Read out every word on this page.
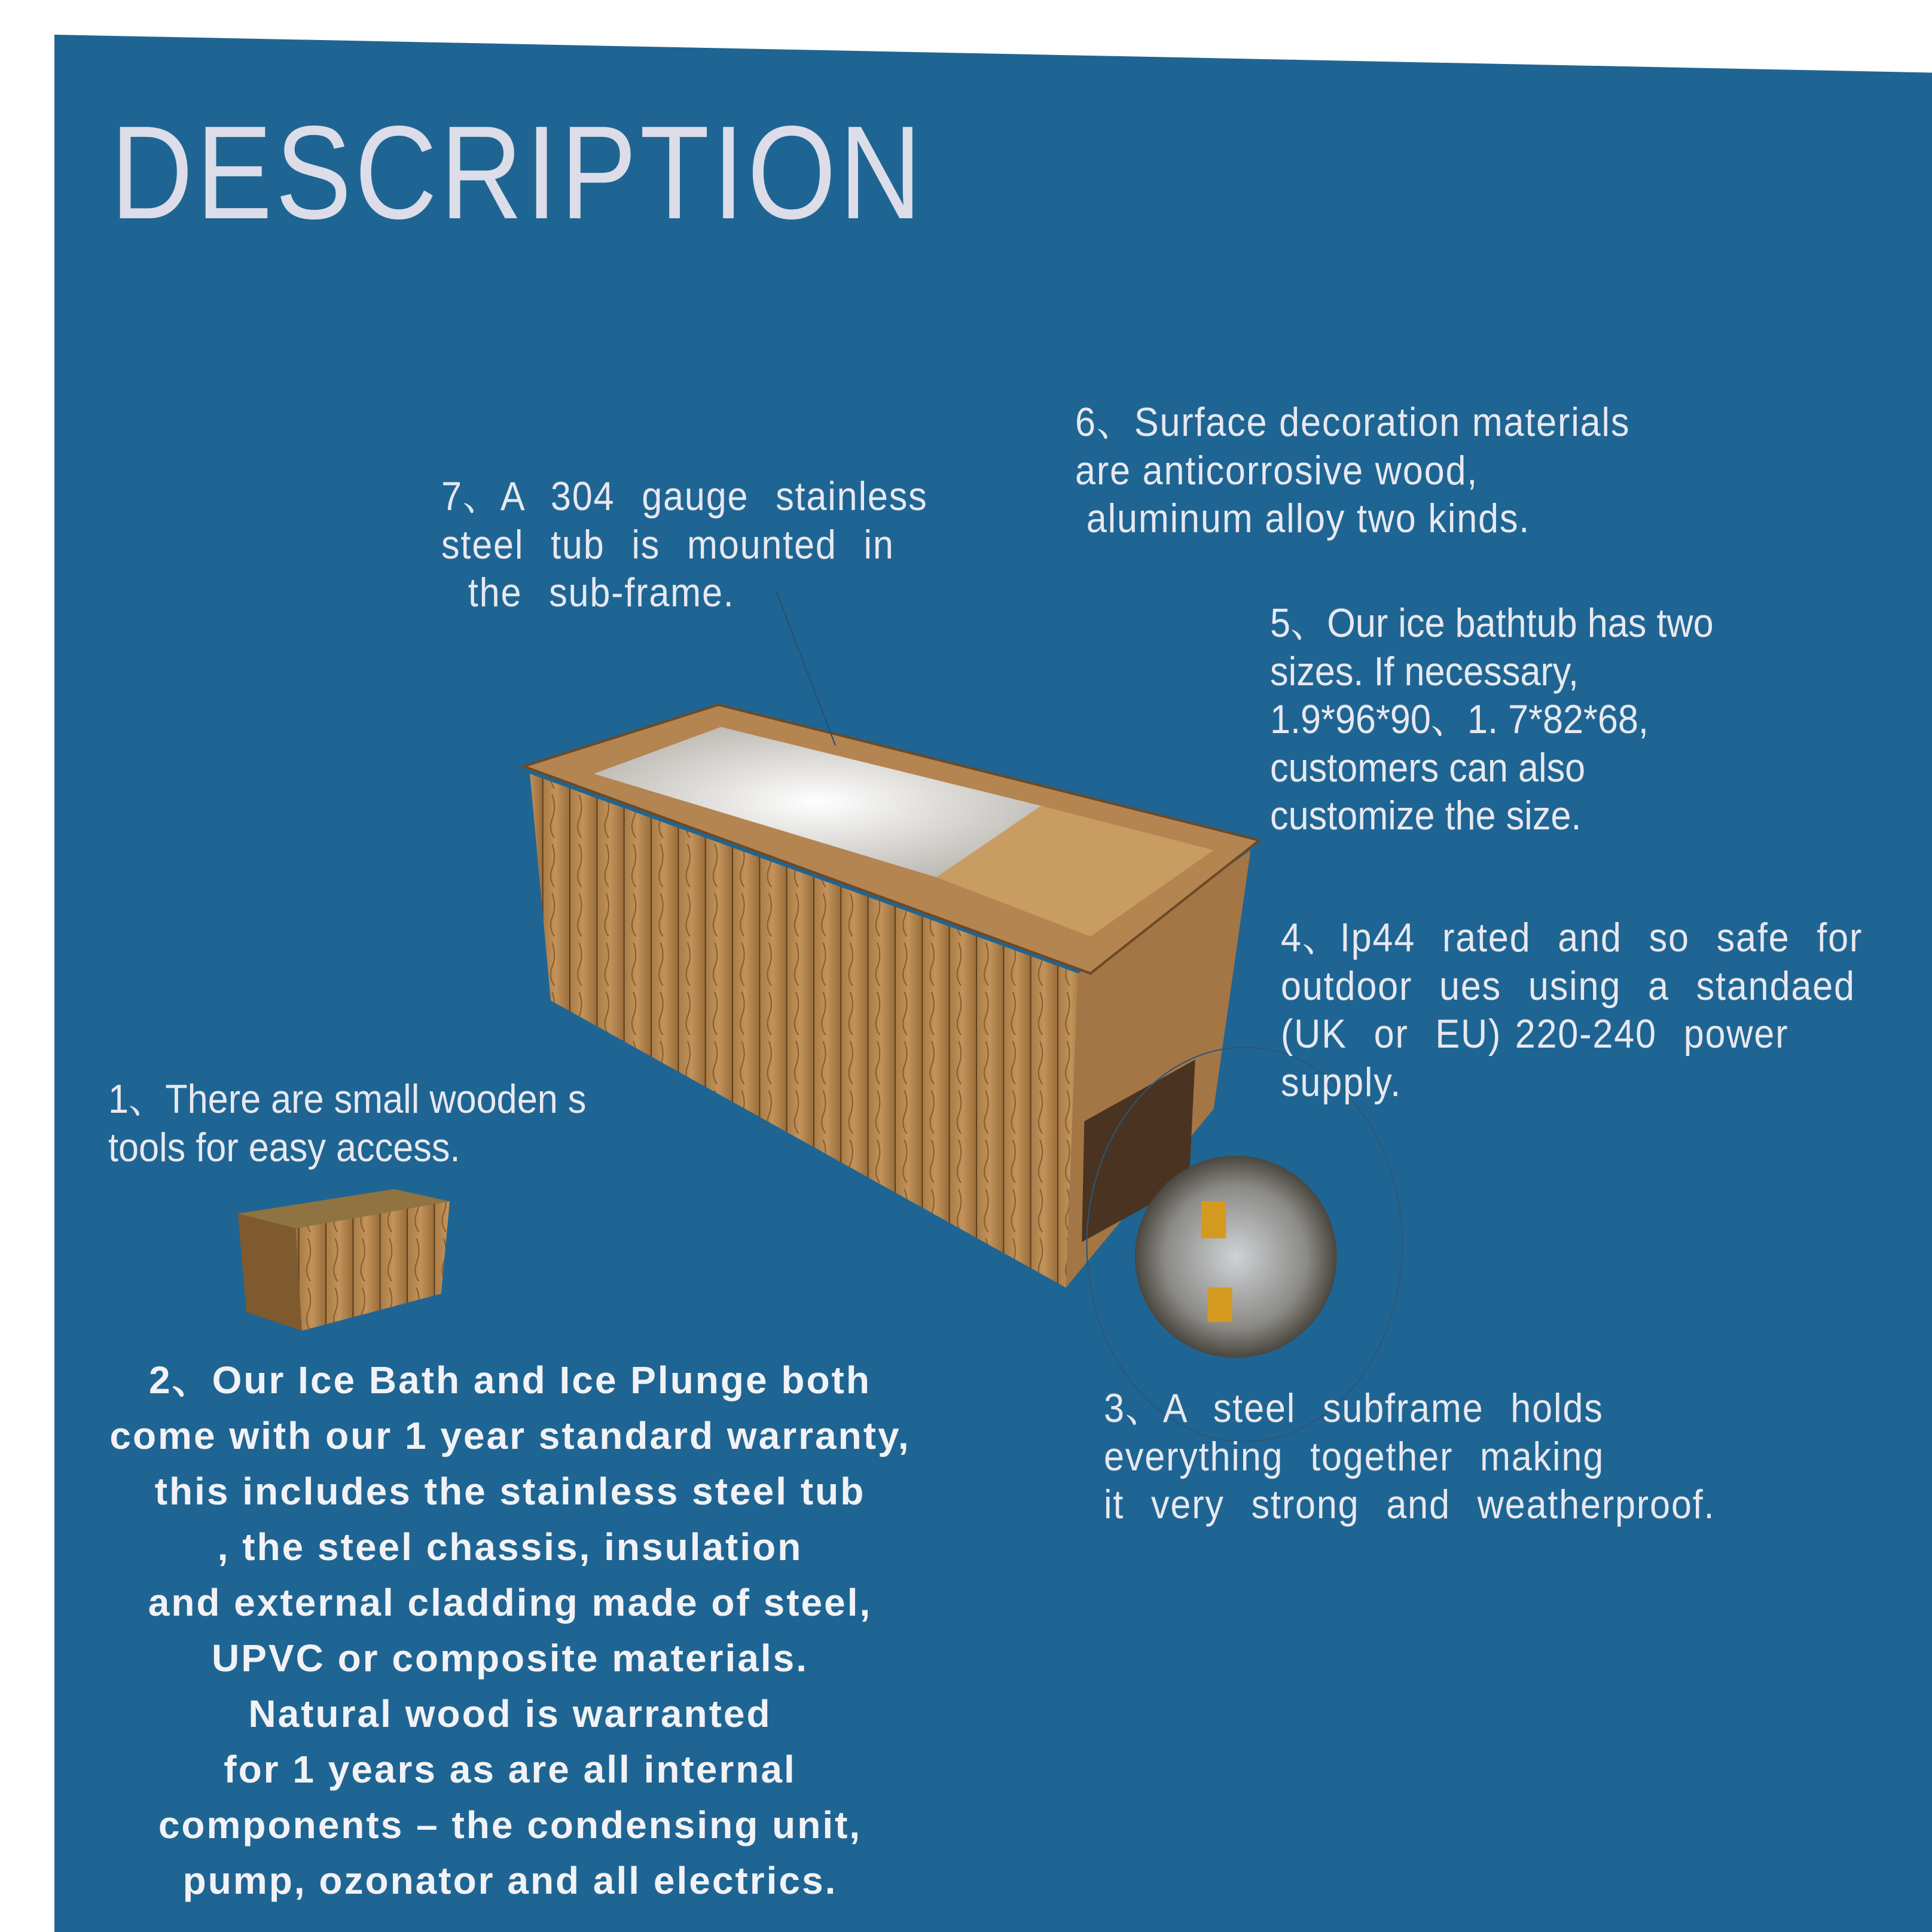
DESCRIPTION
6、Surface decoration materials
are anticorrosive wood,
aluminum alloy two kinds.
7、A  304  gauge  stainless
steel  tub  is  mounted  in
the  sub-frame.
5、Our ice bathtub has two
sizes. If necessary,
1.9*96*90、1. 7*82*68,
customers can also
customize the size.
4、Ip44  rated  and  so  safe  for
outdoor  ues  using  a  standaed
(UK  or  EU) 220-240  power
supply.
1、There are small wooden s
tools for easy access.
3、A  steel  subframe  holds
everything  together  making
it  very  strong  and  weatherproof.
2、Our Ice Bath and Ice Plunge both
come with our 1 year standard warranty,
this includes the stainless steel tub
, the steel chassis, insulation
and external cladding made of steel,
UPVC or composite materials.
Natural wood is warranted
for 1 years as are all internal
components – the condensing unit,
pump, ozonator and all electrics.
